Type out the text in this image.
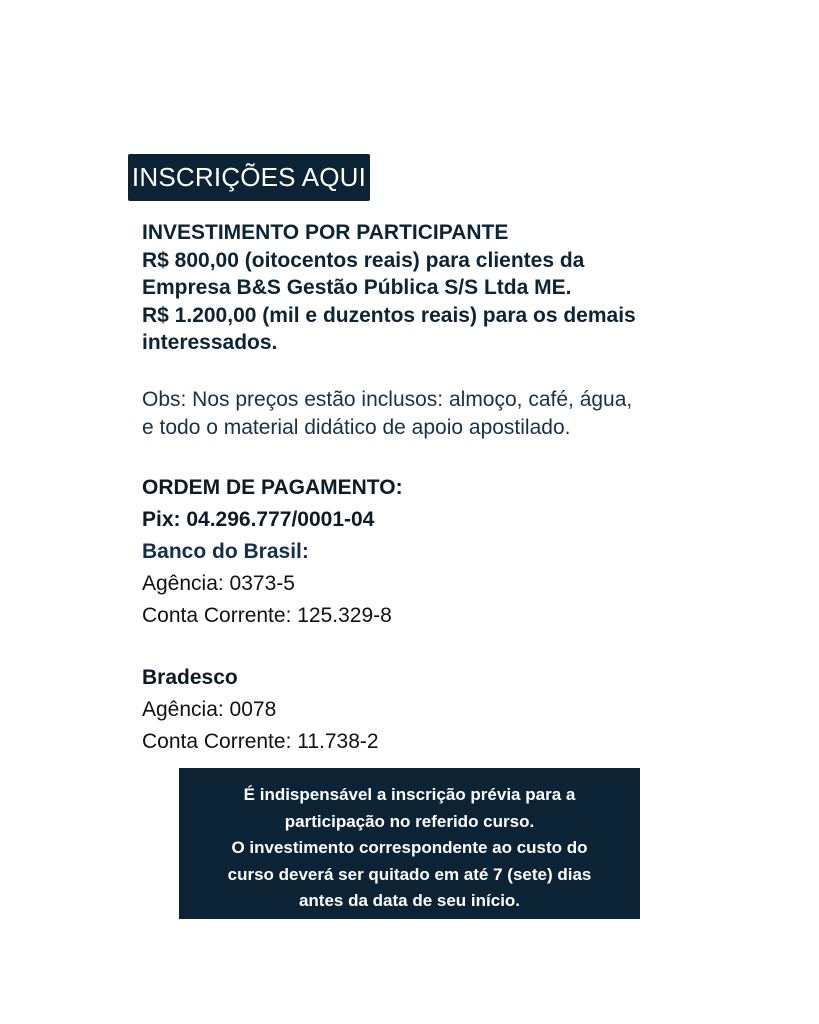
INSCRIÇÕES AQUI
INVESTIMENTO POR PARTICIPANTE
R$ 800,00 (oitocentos reais) para clientes da
Empresa B&S Gestão Pública S/S Ltda ME.
R$ 1.200,00 (mil e duzentos reais) para os demais
interessados.
Obs: Nos preços estão inclusos: almoço, café, água,
e todo o material didático de apoio apostilado.
ORDEM DE PAGAMENTO:
Pix: 04.296.777/0001-04
Banco do Brasil:
Agência: 0373-5
Conta Corrente: 125.329-8
Bradesco
Agência: 0078
Conta Corrente: 11.738-2
É indispensável a inscrição prévia para a
participação no referido curso.
O investimento correspondente ao custo do
curso deverá ser quitado em até 7 (sete) dias
antes da data de seu início.
